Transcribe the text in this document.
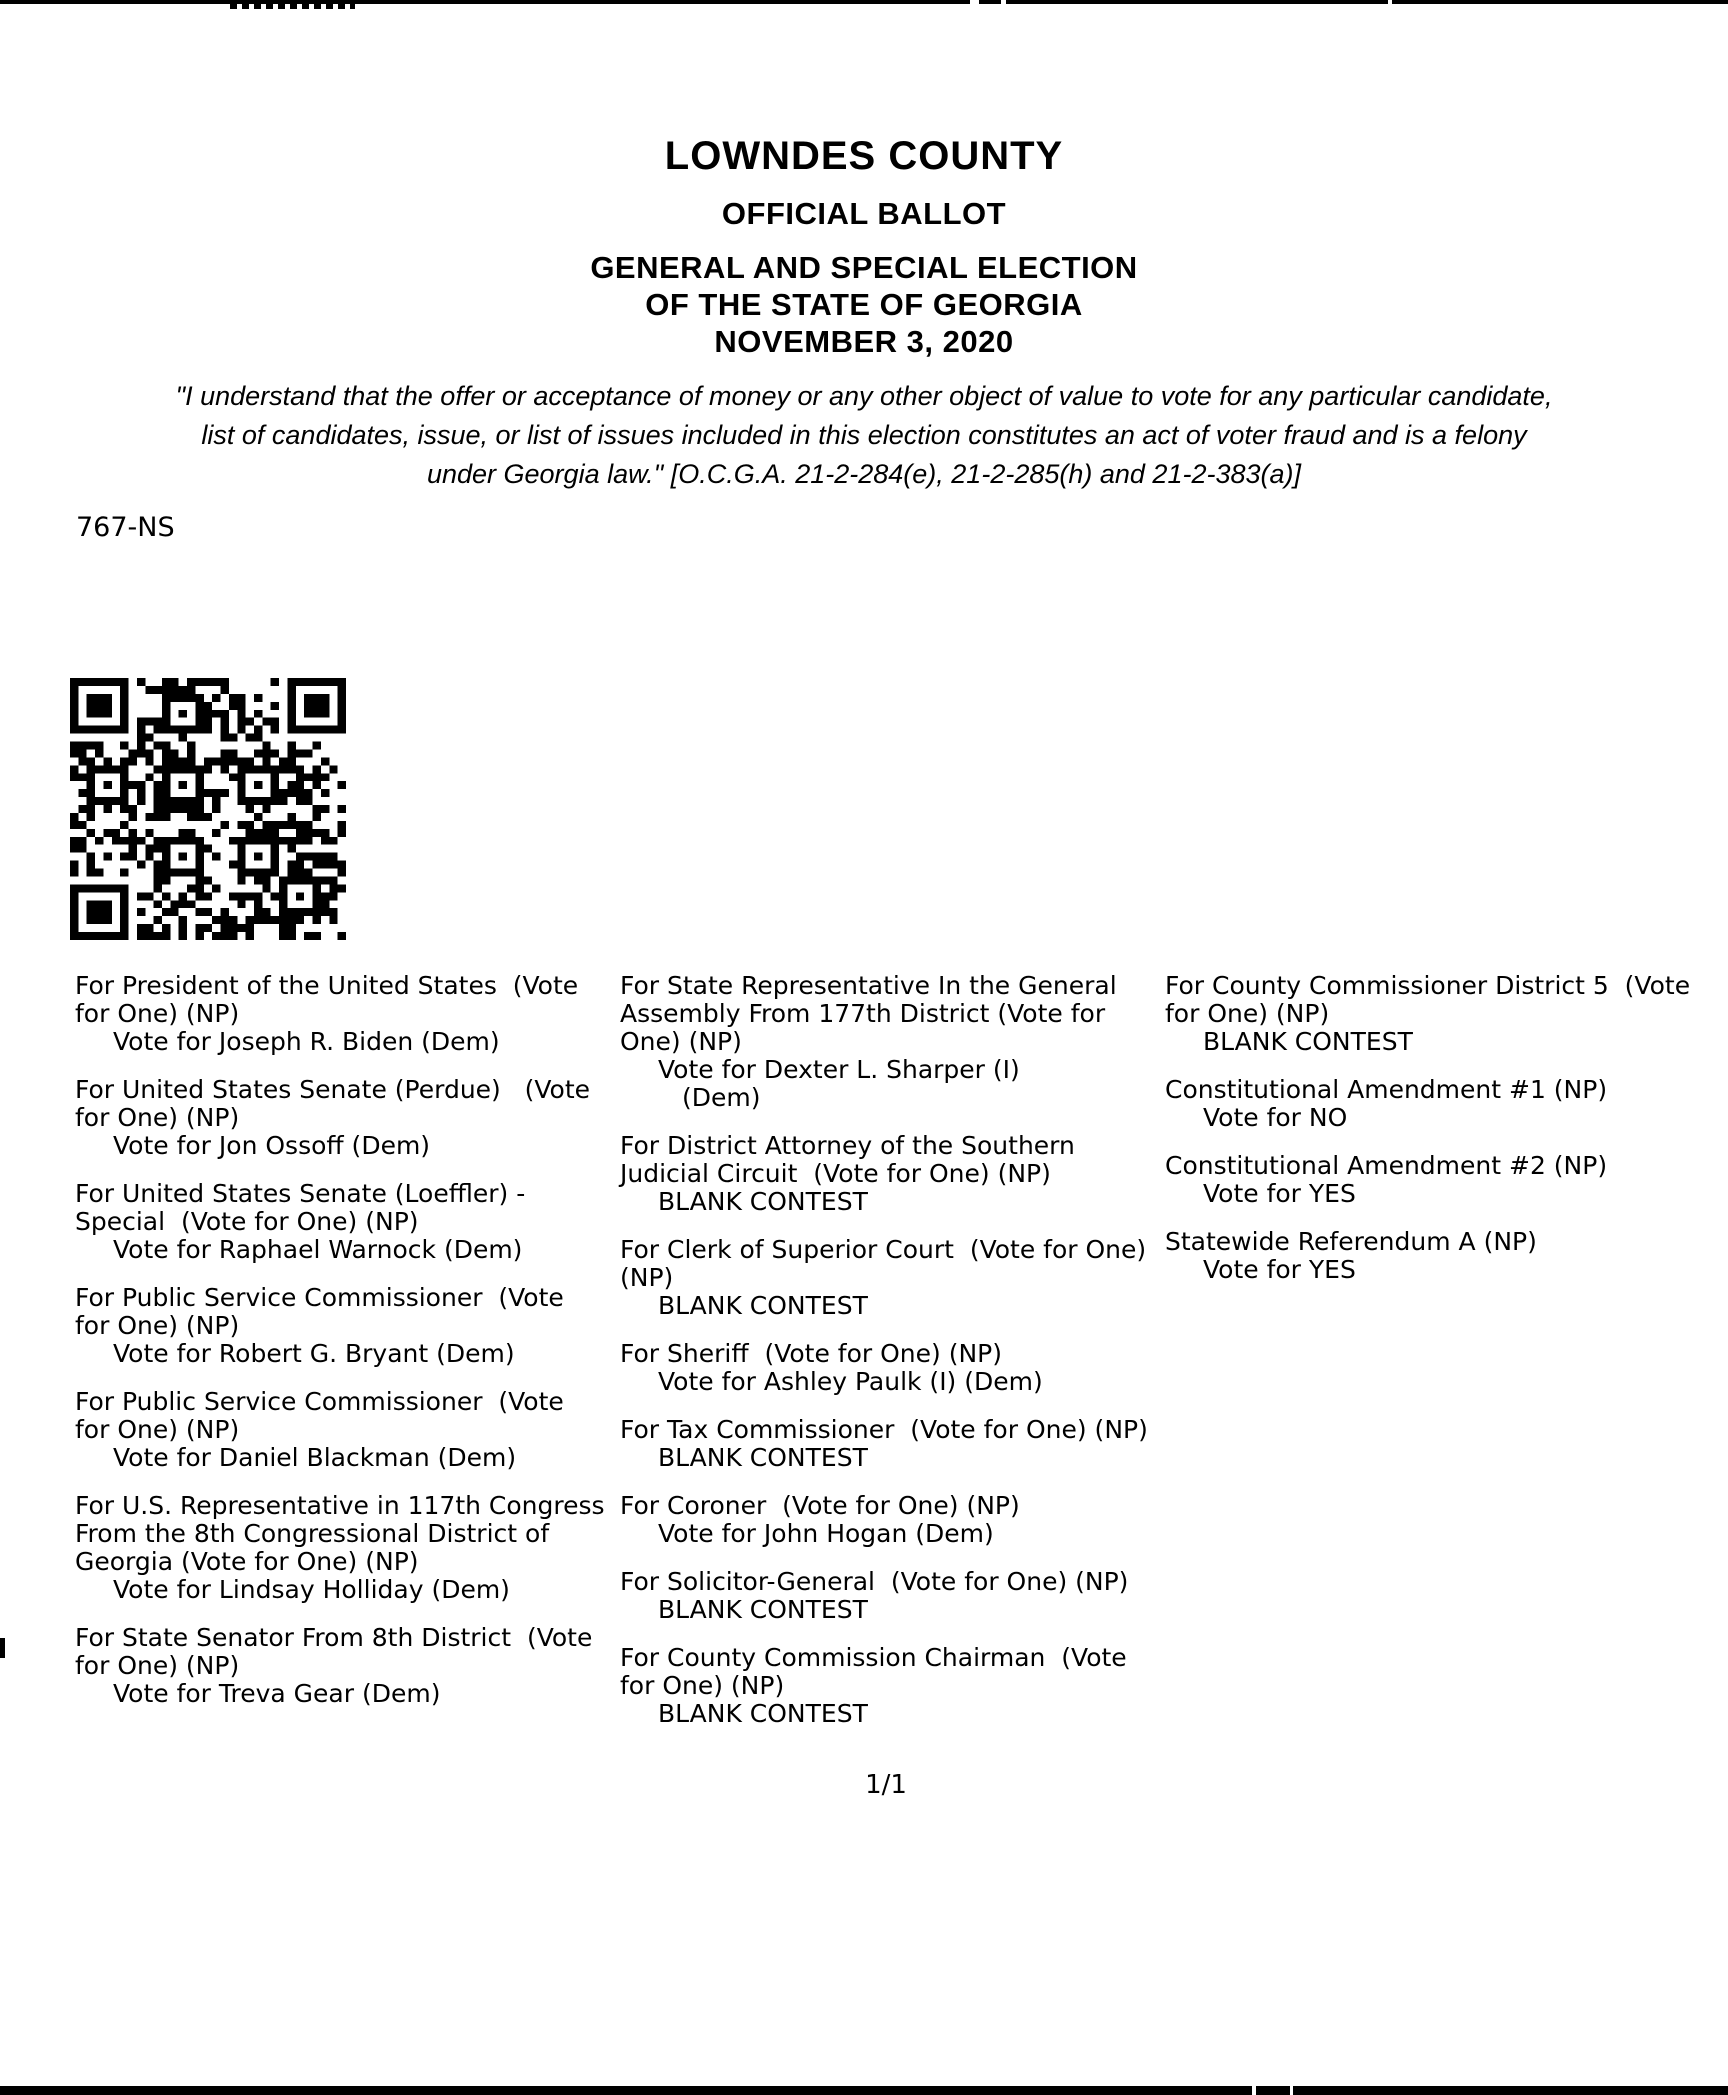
LOWNDES COUNTY
OFFICIAL BALLOT
GENERAL AND SPECIAL ELECTION
OF THE STATE OF GEORGIA
NOVEMBER 3, 2020
"I understand that the offer or acceptance of money or any other object of value to vote for any particular candidate,
list of candidates, issue, or list of issues included in this election constitutes an act of voter fraud and is a felony
under Georgia law." [O.C.G.A. 21-2-284(e), 21-2-285(h) and 21-2-383(a)]
767-NS
For President of the United States  (Vote
for One) (NP)
Vote for Joseph R. Biden (Dem)
For United States Senate (Perdue)   (Vote
for One) (NP)
Vote for Jon Ossoff (Dem)
For United States Senate (Loeffler) -
Special  (Vote for One) (NP)
Vote for Raphael Warnock (Dem)
For Public Service Commissioner  (Vote
for One) (NP)
Vote for Robert G. Bryant (Dem)
For Public Service Commissioner  (Vote
for One) (NP)
Vote for Daniel Blackman (Dem)
For U.S. Representative in 117th Congress
From the 8th Congressional District of
Georgia (Vote for One) (NP)
Vote for Lindsay Holliday (Dem)
For State Senator From 8th District  (Vote
for One) (NP)
Vote for Treva Gear (Dem)
For State Representative In the General
Assembly From 177th District (Vote for
One) (NP)
Vote for Dexter L. Sharper (I)
(Dem)
For District Attorney of the Southern
Judicial Circuit  (Vote for One) (NP)
BLANK CONTEST
For Clerk of Superior Court  (Vote for One)
(NP)
BLANK CONTEST
For Sheriff  (Vote for One) (NP)
Vote for Ashley Paulk (I) (Dem)
For Tax Commissioner  (Vote for One) (NP)
BLANK CONTEST
For Coroner  (Vote for One) (NP)
Vote for John Hogan (Dem)
For Solicitor-General  (Vote for One) (NP)
BLANK CONTEST
For County Commission Chairman  (Vote
for One) (NP)
BLANK CONTEST
For County Commissioner District 5  (Vote
for One) (NP)
BLANK CONTEST
Constitutional Amendment #1 (NP)
Vote for NO
Constitutional Amendment #2 (NP)
Vote for YES
Statewide Referendum A (NP)
Vote for YES
1/1
